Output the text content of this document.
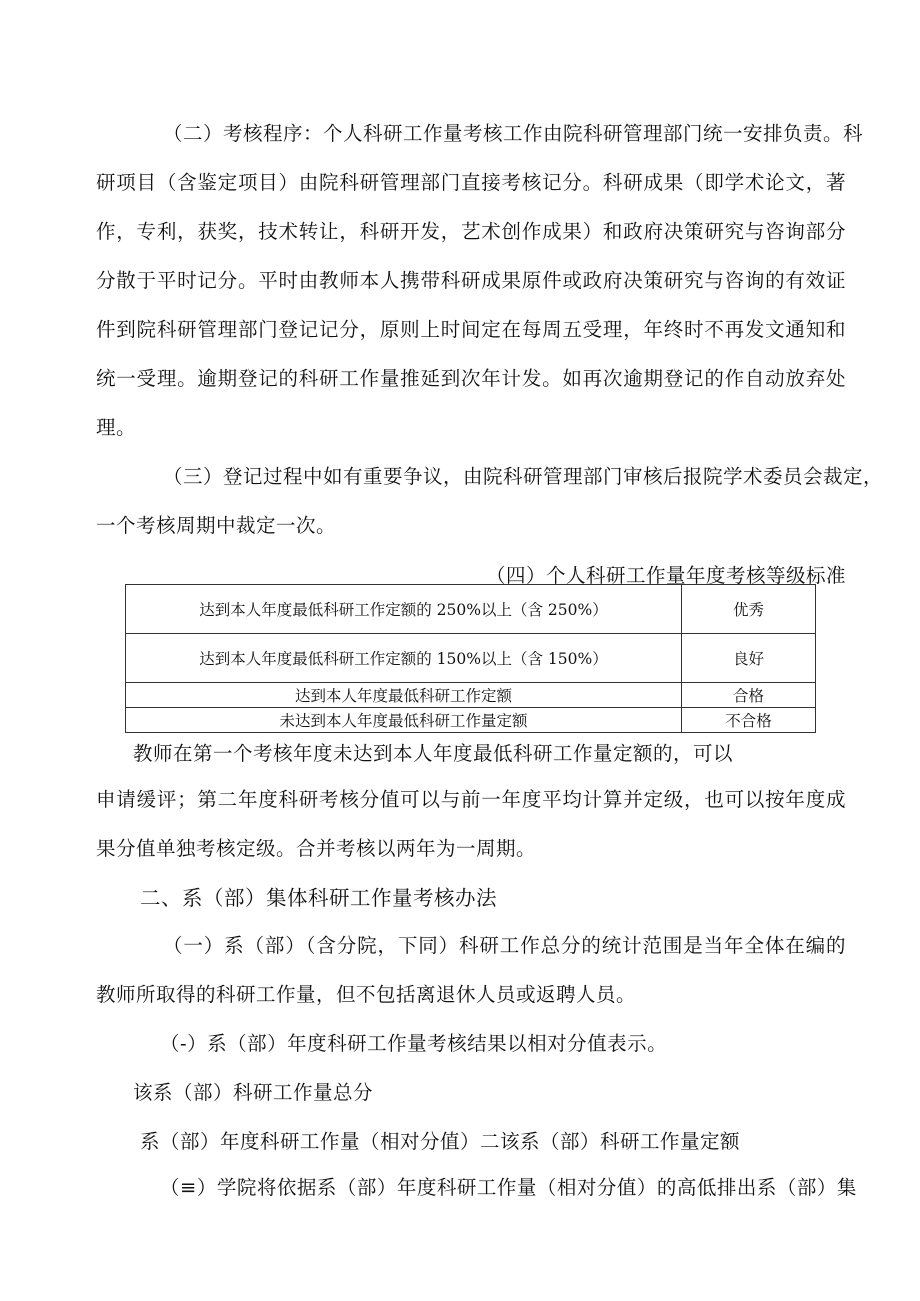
（二）考核程序：个人科研工作量考核工作由院科研管理部门统一安排负责。科
研项目（含鉴定项目）由院科研管理部门直接考核记分。科研成果（即学术论文，著
作，专利，获奖，技术转让，科研开发，艺术创作成果）和政府决策研究与咨询部分
分散于平时记分。平时由教师本人携带科研成果原件或政府决策研究与咨询的有效证
件到院科研管理部门登记记分，原则上时间定在每周五受理，年终时不再发文通知和
统一受理。逾期登记的科研工作量推延到次年计发。如再次逾期登记的作自动放弃处
理。
（三）登记过程中如有重要争议，由院科研管理部门审核后报院学术委员会裁定，
一个考核周期中裁定一次。
（四）个人科研工作量年度考核等级标准
达到本人年度最低科研工作定额的 250%以上（含 250%）	优秀
达到本人年度最低科研工作定额的 150%以上（含 150%）	良好
达到本人年度最低科研工作定额	合格
未达到本人年度最低科研工作量定额	不合格
教师在第一个考核年度未达到本人年度最低科研工作量定额的，可以
申请缓评；第二年度科研考核分值可以与前一年度平均计算并定级，也可以按年度成
果分值单独考核定级。合并考核以两年为一周期。
二、系（部）集体科研工作量考核办法
（一）系（部）（含分院，下同）科研工作总分的统计范围是当年全体在编的
教师所取得的科研工作量，但不包括离退休人员或返聘人员。
（-）系（部）年度科研工作量考核结果以相对分值表示。
该系（部）科研工作量总分
系（部）年度科研工作量（相对分值）二该系（部）科研工作量定额
（≡）学院将依据系（部）年度科研工作量（相对分值）的高低排出系（部）集
